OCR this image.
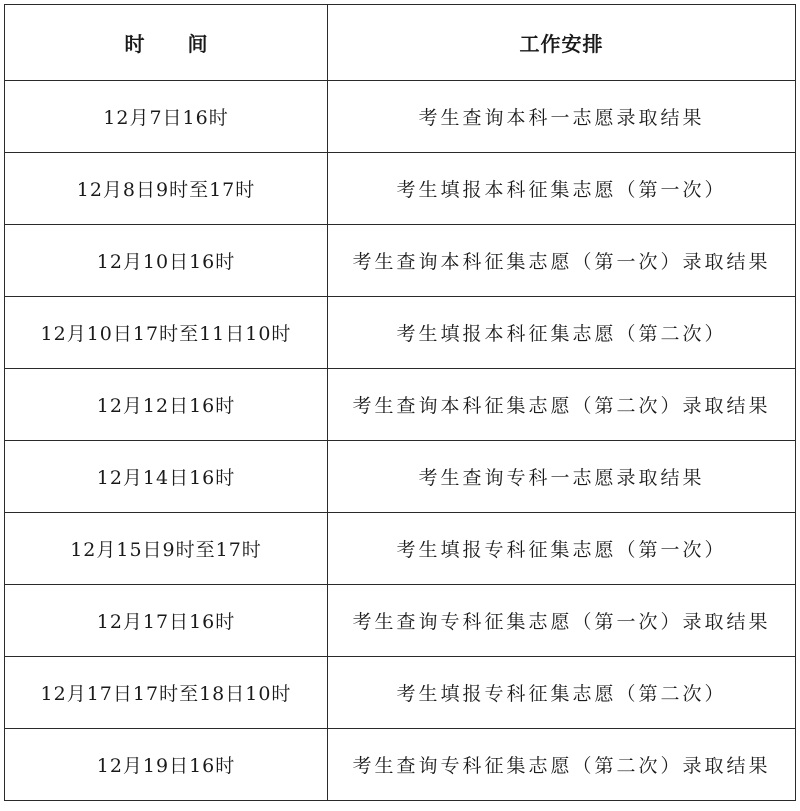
时 间	工作安排
12月7日16时	考生查询本科一志愿录取结果
12月8日9时至17时	考生填报本科征集志愿（第一次）
12月10日16时	考生查询本科征集志愿（第一次）录取结果
12月10日17时至11日10时	考生填报本科征集志愿（第二次）
12月12日16时	考生查询本科征集志愿（第二次）录取结果
12月14日16时	考生查询专科一志愿录取结果
12月15日9时至17时	考生填报专科征集志愿（第一次）
12月17日16时	考生查询专科征集志愿（第一次）录取结果
12月17日17时至18日10时	考生填报专科征集志愿（第二次）
12月19日16时	考生查询专科征集志愿（第二次）录取结果
